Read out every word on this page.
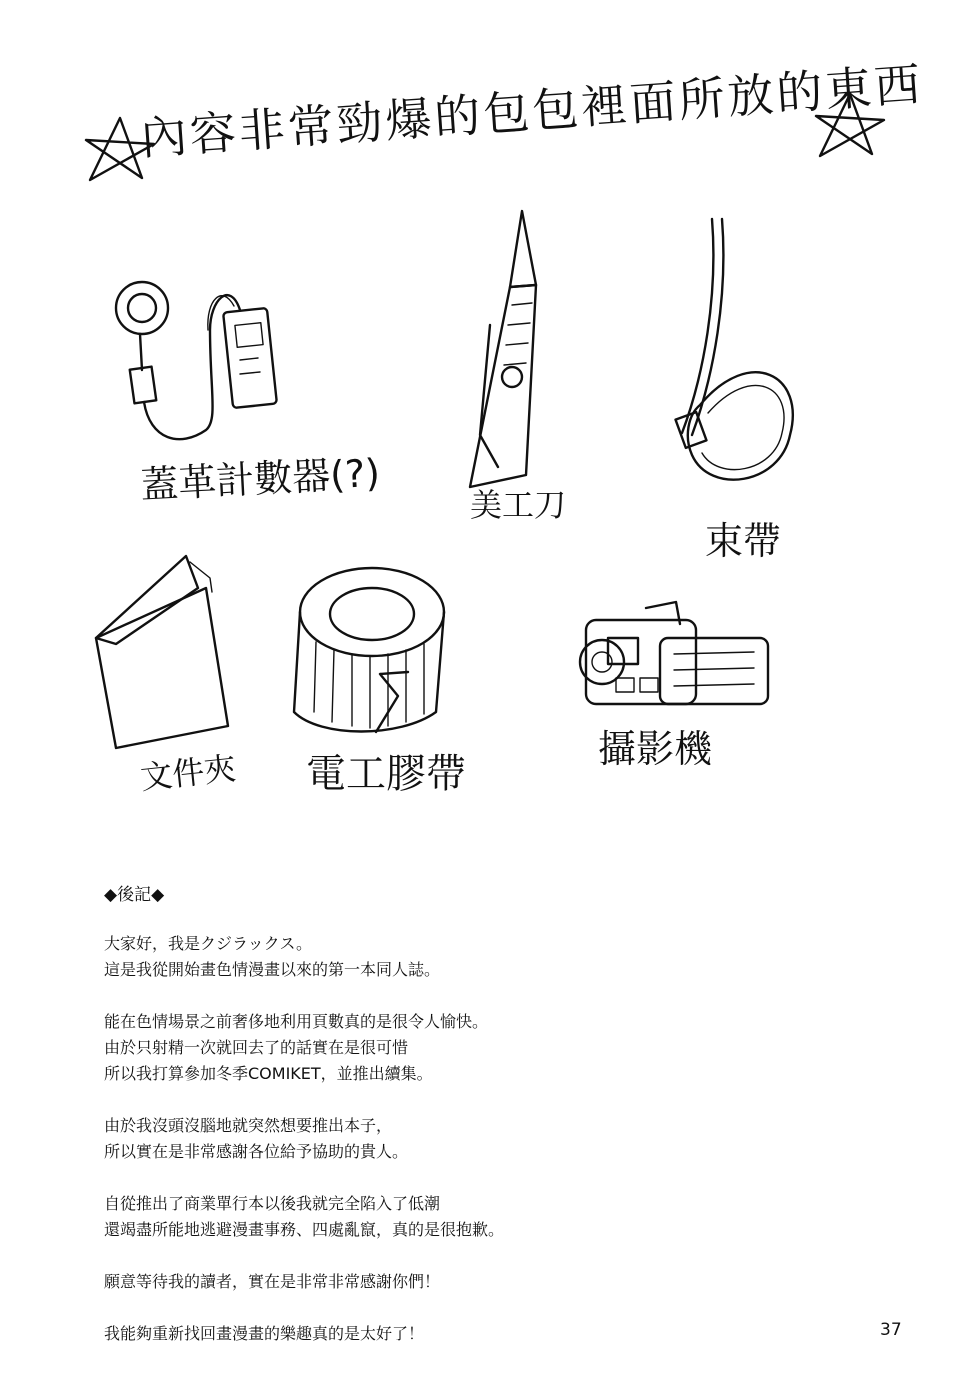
內容非常勁爆的包包裡面所放的東西
蓋革計數器(?)	美工刀
束帶
文件夾 電工膠帶
攝影機
◆後記◆
大家好，我是クジラックス。
這是我從開始畫色情漫畫以來的第一本同人誌。
能在色情場景之前奢侈地利用頁數真的是很令人愉快。
由於只射精一次就回去了的話實在是很可惜
所以我打算參加冬季COMIKET，並推出續集。
由於我沒頭沒腦地就突然想要推出本子，
所以實在是非常感謝各位給予協助的貴人。
自從推出了商業單行本以後我就完全陷入了低潮
還竭盡所能地逃避漫畫事務、四處亂竄，真的是很抱歉。
願意等待我的讀者，實在是非常非常感謝你們！
我能夠重新找回畫漫畫的樂趣真的是太好了！	37
